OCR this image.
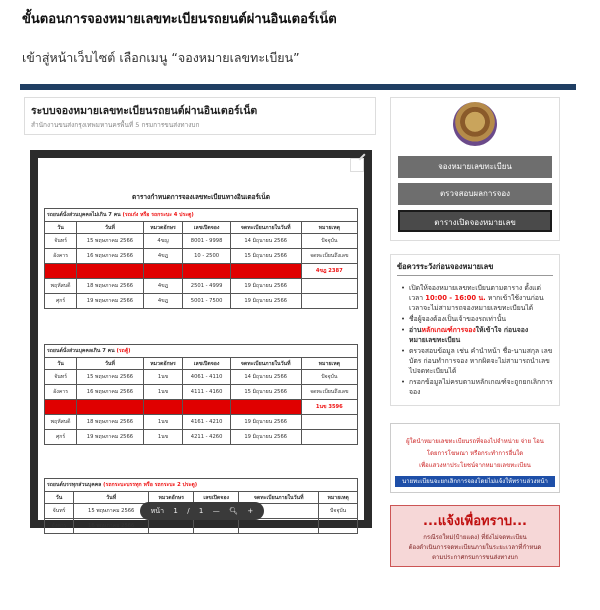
ขั้นตอนการจองหมายเลขทะเบียนรถยนต์ผ่านอินเตอร์เน็ต
เข้าสู่หน้าเว็บไซต์ เลือกเมนู “จองหมายเลขทะเบียน”
ระบบจองหมายเลขทะเบียนรถยนต์ผ่านอินเตอร์เน็ต
สำนักงานขนส่งกรุงเทพมหานครพื้นที่ 5 กรมการขนส่งทางบก
ตารางกำหนดการจองเลขทะเบียนทางอินเตอร์เน็ต
รถยนต์นั่งส่วนบุคคลไม่เกิน 7 คน (รถเก๋ง หรือ รถกระบะ 4 ประตู)					
วัน	วันที่	หมวดอักษร	เลขเปิดจอง	จดทะเบียนภายในวันที่	หมายเหตุ
จันทร์	15 พฤษภาคม 2566	4ขญ	8001 - 9998	14 มิถุนายน 2566	ปัจจุบัน
อังคาร	16 พฤษภาคม 2566	4ขฎ	10 - 2500	15 มิถุนายน 2566	จดทะเบียนถึงเลข
					4ขฎ 2387
พฤหัสบดี	18 พฤษภาคม 2566	4ขฎ	2501 - 4999	19 มิถุนายน 2566	
ศุกร์	19 พฤษภาคม 2566	4ขฎ	5001 - 7500	19 มิถุนายน 2566	
รถยนต์นั่งส่วนบุคคลเกิน 7 คน (รถตู้)					
วัน	วันที่	หมวดอักษร	เลขเปิดจอง	จดทะเบียนภายในวันที่	หมายเหตุ
จันทร์	15 พฤษภาคม 2566	1นข	4061 - 4110	14 มิถุนายน 2566	ปัจจุบัน
อังคาร	16 พฤษภาคม 2566	1นข	4111 - 4160	15 มิถุนายน 2566	จดทะเบียนถึงเลข
					1นข 3596
พฤหัสบดี	18 พฤษภาคม 2566	1นข	4161 - 4210	19 มิถุนายน 2566	
ศุกร์	19 พฤษภาคม 2566	1นข	4211 - 4260	19 มิถุนายน 2566	
รถยนต์บรรทุกส่วนบุคคล (รถกระบะบรรทุก หรือ รถกระบะ 2 ประตู)					
วัน	วันที่	หมวดอักษร	เลขเปิดจอง	จดทะเบียนภายในวันที่	หมายเหตุ
จันทร์	15 พฤษภาคม 2566				ปัจจุบัน
อังคาร	16 พฤษภาคม 2566				
หน้า 1 / 1 — 🔍︎ +
จองหมายเลขทะเบียน
ตรวจสอบผลการจอง
ตารางเปิดจองหมายเลข
ข้อควรระวังก่อนจองหมายเลข
• เปิดให้จองหมายเลขทะเบียนตามตาราง ตั้งแต่เวลา 10:00 - 16:00 น. หากเข้าใช้งานก่อนเวลาจะไม่สามารถจองหมายเลขทะเบียนได้
• ชื่อผู้จองต้องเป็นเจ้าของรถเท่านั้น
• อ่านหลักเกณฑ์การจองให้เข้าใจ ก่อนจองหมายเลขทะเบียน
• ตรวจสอบข้อมูล เช่น คำนำหน้า ชื่อ-นามสกุล เลขบัตร ก่อนทำการจอง หากผิดจะไม่สามารถนำเลขไปจดทะเบียนได้
• กรอกข้อมูลไม่ครบตามหลักเกณฑ์จะถูกยกเลิกการจอง
ผู้ใดนำหมายเลขทะเบียนรถที่จองไปจำหน่าย จ่าย โอน
โดยการโฆษณา หรือกระทำการอื่นใด
เพื่อแสวงหาประโยชน์จากหมายเลขทะเบียน
นายทะเบียนจะยกเลิกการจองโดยไม่แจ้งให้ทราบล่วงหน้า
...แจ้งเพื่อทราบ...
กรณีรถใหม่(ป้ายแดง) ที่ยังไม่จดทะเบียน
ต้องดำเนินการจดทะเบียนภายในระยะเวลาที่กำหนด
ตามประกาศกรมการขนส่งทางบก
